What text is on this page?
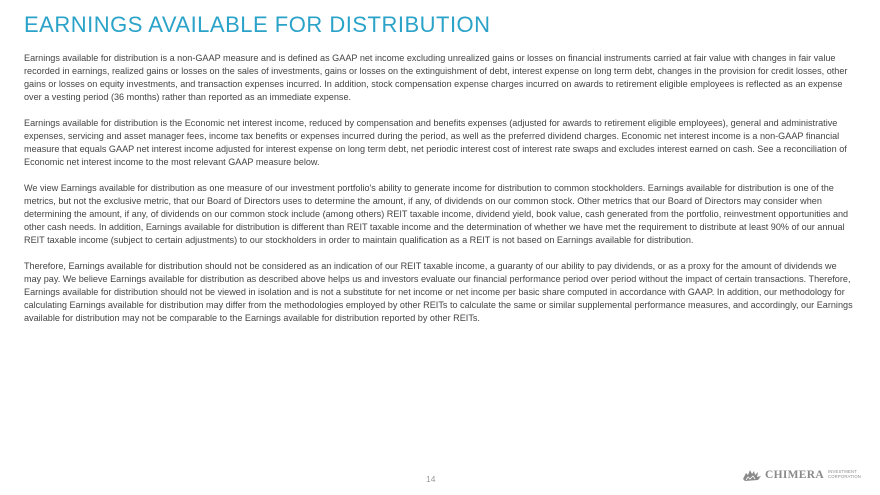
EARNINGS AVAILABLE FOR DISTRIBUTION

Earnings available for distribution is a non-GAAP measure and is defined as GAAP net income excluding unrealized gains or losses on financial instruments carried at fair value with changes in fair value recorded in earnings, realized gains or losses on the sales of investments, gains or losses on the extinguishment of debt, interest expense on long term debt, changes in the provision for credit losses, other gains or losses on equity investments, and transaction expenses incurred. In addition, stock compensation expense charges incurred on awards to retirement eligible employees is reflected as an expense over a vesting period (36 months) rather than reported as an immediate expense.

Earnings available for distribution is the Economic net interest income, reduced by compensation and benefits expenses (adjusted for awards to retirement eligible employees), general and administrative expenses, servicing and asset manager fees, income tax benefits or expenses incurred during the period, as well as the preferred dividend charges. Economic net interest income is a non-GAAP financial measure that equals GAAP net interest income adjusted for interest expense on long term debt, net periodic interest cost of interest rate swaps and excludes interest earned on cash. See a reconciliation of Economic net interest income to the most relevant GAAP measure below.

We view Earnings available for distribution as one measure of our investment portfolio's ability to generate income for distribution to common stockholders. Earnings available for distribution is one of the metrics, but not the exclusive metric, that our Board of Directors uses to determine the amount, if any, of dividends on our common stock. Other metrics that our Board of Directors may consider when determining the amount, if any, of dividends on our common stock include (among others) REIT taxable income, dividend yield, book value, cash generated from the portfolio, reinvestment opportunities and other cash needs. In addition, Earnings available for distribution is different than REIT taxable income and the determination of whether we have met the requirement to distribute at least 90% of our annual REIT taxable income (subject to certain adjustments) to our stockholders in order to maintain qualification as a REIT is not based on Earnings available for distribution.

Therefore, Earnings available for distribution should not be considered as an indication of our REIT taxable income, a guaranty of our ability to pay dividends, or as a proxy for the amount of dividends we may pay. We believe Earnings available for distribution as described above helps us and investors evaluate our financial performance period over period without the impact of certain transactions. Therefore, Earnings available for distribution should not be viewed in isolation and is not a substitute for net income or net income per basic share computed in accordance with GAAP. In addition, our methodology for calculating Earnings available for distribution may differ from the methodologies employed by other REITs to calculate the same or similar supplemental performance measures, and accordingly, our Earnings available for distribution may not be comparable to the Earnings available for distribution reported by other REITs.

14	CHIMERA INVESTMENT
CORPORATION
